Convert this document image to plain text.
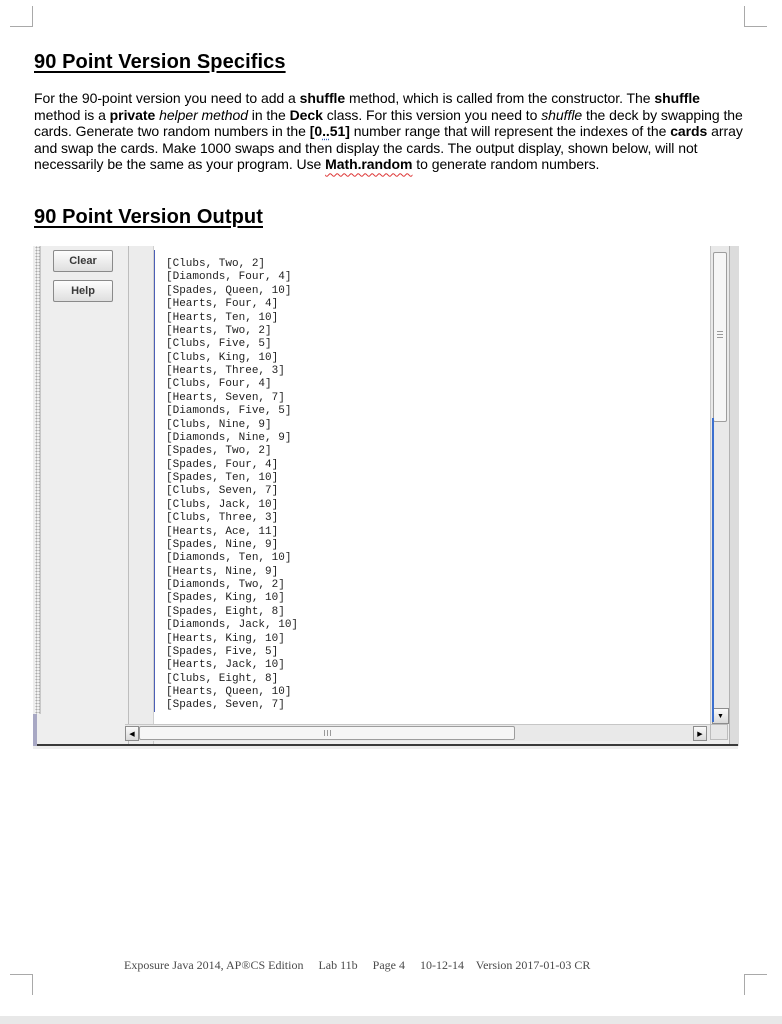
90 Point Version Specifics

For the 90-point version you need to add a shuffle method, which is called from the constructor. The shuffle method is a private helper method in the Deck class. For this version you need to shuffle the deck by swapping the cards. Generate two random numbers in the [0..51] number range that will represent the indexes of the cards array and swap the cards. Make 1000 swaps and then display the cards. The output display, shown below, will not necessarily be the same as your program. Use Math.random to generate random numbers.

90 Point Version Output
Clear
Help
[Clubs, Two, 2]
[Diamonds, Four, 4]
[Spades, Queen, 10]
[Hearts, Four, 4]
[Hearts, Ten, 10]
[Hearts, Two, 2]
[Clubs, Five, 5]
[Clubs, King, 10]
[Hearts, Three, 3]
[Clubs, Four, 4]
[Hearts, Seven, 7]
[Diamonds, Five, 5]
[Clubs, Nine, 9]
[Diamonds, Nine, 9]
[Spades, Two, 2]
[Spades, Four, 4]
[Spades, Ten, 10]
[Clubs, Seven, 7]
[Clubs, Jack, 10]
[Clubs, Three, 3]
[Hearts, Ace, 11]
[Spades, Nine, 9]
[Diamonds, Ten, 10]
[Hearts, Nine, 9]
[Diamonds, Two, 2]
[Spades, King, 10]
[Spades, Eight, 8]
[Diamonds, Jack, 10]
[Hearts, King, 10]
[Spades, Five, 5]
[Hearts, Jack, 10]
[Clubs, Eight, 8]
[Hearts, Queen, 10]
[Spades, Seven, 7]
▼
◀	▶

Exposure Java 2014, AP®CS Edition     Lab 11b     Page 4     10-12-14    Version 2017-01-03 CR
